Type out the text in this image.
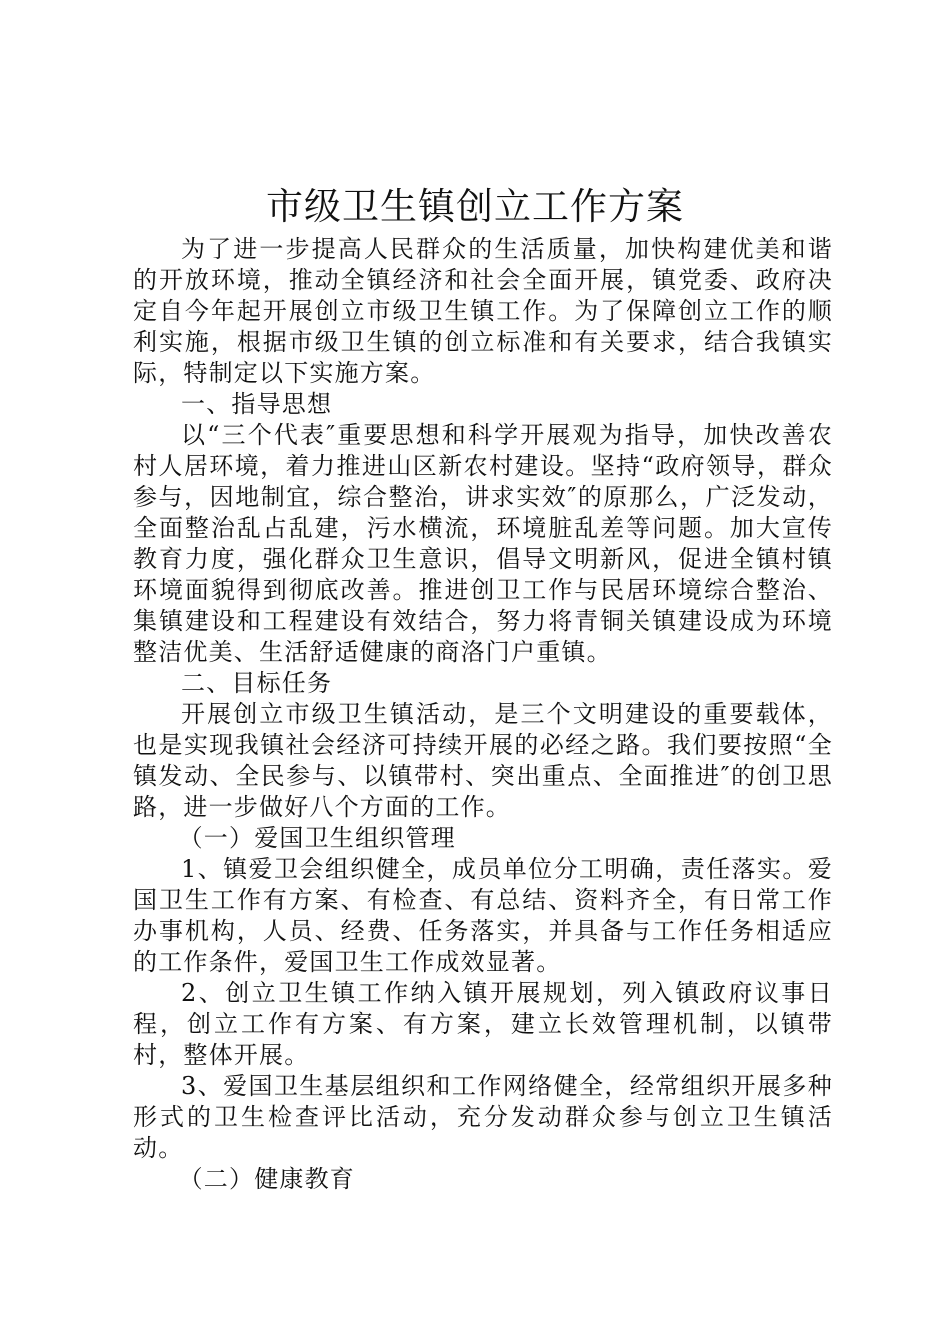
市级卫生镇创立工作方案

为了进一步提高人民群众的生活质量，加快构建优美和谐的开放环境，推动全镇经济和社会全面开展，镇党委、政府决定自今年起开展创立市级卫生镇工作。为了保障创立工作的顺利实施，根据市级卫生镇的创立标准和有关要求，结合我镇实际，特制定以下实施方案。

一、指导思想

以“三个代表″重要思想和科学开展观为指导，加快改善农村人居环境，着力推进山区新农村建设。坚持“政府领导，群众参与，因地制宜，综合整治，讲求实效″的原那么，广泛发动，全面整治乱占乱建，污水横流，环境脏乱差等问题。加大宣传教育力度，强化群众卫生意识，倡导文明新风，促进全镇村镇环境面貌得到彻底改善。推进创卫工作与民居环境综合整治、集镇建设和工程建设有效结合，努力将青铜关镇建设成为环境整洁优美、生活舒适健康的商洛门户重镇。

二、目标任务

开展创立市级卫生镇活动，是三个文明建设的重要载体，也是实现我镇社会经济可持续开展的必经之路。我们要按照“全镇发动、全民参与、以镇带村、突出重点、全面推进″的创卫思路，进一步做好八个方面的工作。

（一）爱国卫生组织管理

1、镇爱卫会组织健全，成员单位分工明确，责任落实。爱国卫生工作有方案、有检查、有总结、资料齐全，有日常工作办事机构，人员、经费、任务落实，并具备与工作任务相适应的工作条件，爱国卫生工作成效显著。

2、创立卫生镇工作纳入镇开展规划，列入镇政府议事日程，创立工作有方案、有方案，建立长效管理机制，以镇带村，整体开展。

3、爱国卫生基层组织和工作网络健全，经常组织开展多种形式的卫生检查评比活动，充分发动群众参与创立卫生镇活动。

（二）健康教育
